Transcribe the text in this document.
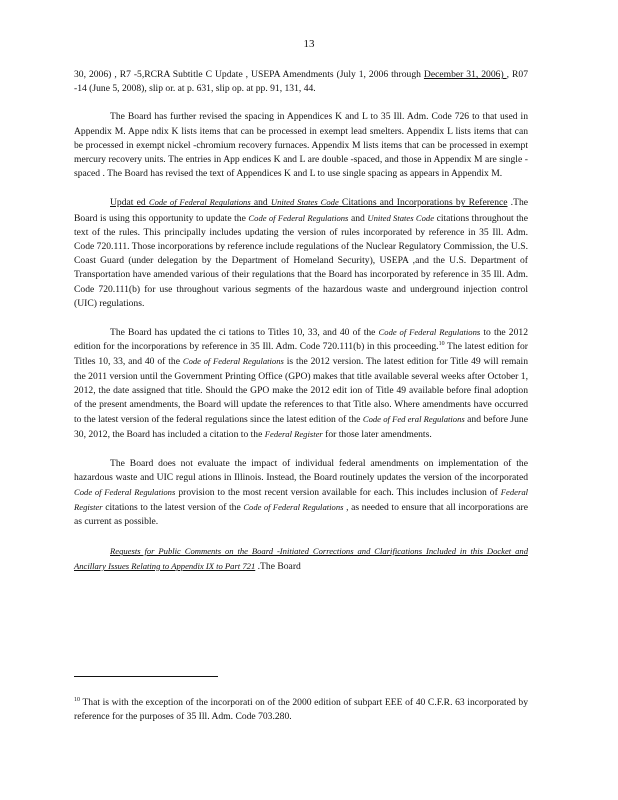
13

30, 2006) , R7 -5,RCRA Subtitle C Update , USEPA Amendments (July 1, 2006 through December 31, 2006) , R07 -14 (June 5, 2008), slip or. at p. 631, slip op. at pp. 91, 131, 44.

The Board has further revised the spacing in Appendices K and L to 35 Ill. Adm. Code 726 to that used in Appendix M. Appe ndix K lists items that can be processed in exempt lead smelters. Appendix L lists items that can be processed in exempt nickel -chromium recovery furnaces. Appendix M lists items that can be processed in exempt mercury recovery units. The entries in App endices K and L are double -spaced, and those in Appendix M are single -spaced . The Board has revised the text of Appendices K and L to use single spacing as appears in Appendix M.

Updat ed Code of Federal Regulations and United States Code Citations and Incorporations by Reference .The Board is using this opportunity to update the Code of Federal Regulations and United States Code citations throughout the text of the rules. This principally includes updating the version of rules incorporated by reference in 35 Ill. Adm. Code 720.111. Those incorporations by reference include regulations of the Nuclear Regulatory Commission, the U.S. Coast Guard (under delegation by the Department of Homeland Security), USEPA ,and the U.S. Department of Transportation have amended various of their regulations that the Board has incorporated by reference in 35 Ill. Adm. Code 720.111(b) for use throughout various segments of the hazardous waste and underground injection control (UIC) regulations.

The Board has updated the ci tations to Titles 10, 33, and 40 of the Code of Federal Regulations to the 2012 edition for the incorporations by reference in 35 Ill. Adm. Code 720.111(b) in this proceeding.$^{10}$ The latest edition for Titles 10, 33, and 40 of the Code of Federal Regulations is the 2012 version. The latest edition for Title 49 will remain the 2011 version until the Government Printing Office (GPO) makes that title available several weeks after October 1, 2012, the date assigned that title. Should the GPO make the 2012 edit ion of Title 49 available before final adoption of the present amendments, the Board will update the references to that Title also. Where amendments have occurred to the latest version of the federal regulations since the latest edition of the Code of Fed eral Regulations and before June 30, 2012, the Board has included a citation to the Federal Register for those later amendments.

The Board does not evaluate the impact of individual federal amendments on implementation of the hazardous waste and UIC regul ations in Illinois. Instead, the Board routinely updates the version of the incorporated Code of Federal Regulations provision to the most recent version available for each. This includes inclusion of Federal Register citations to the latest version of the Code of Federal Regulations , as needed to ensure that all incorporations are as current as possible.

Requests for Public Comments on the Board -Initiated Corrections and Clarifications Included in this Docket and Ancillary Issues Relating to Appendix IX to Part 721 .The Board

$^{10}$ That is with the exception of the incorporati on of the 2000 edition of subpart EEE of 40 C.F.R. 63 incorporated by reference for the purposes of 35 Ill. Adm. Code 703.280.
